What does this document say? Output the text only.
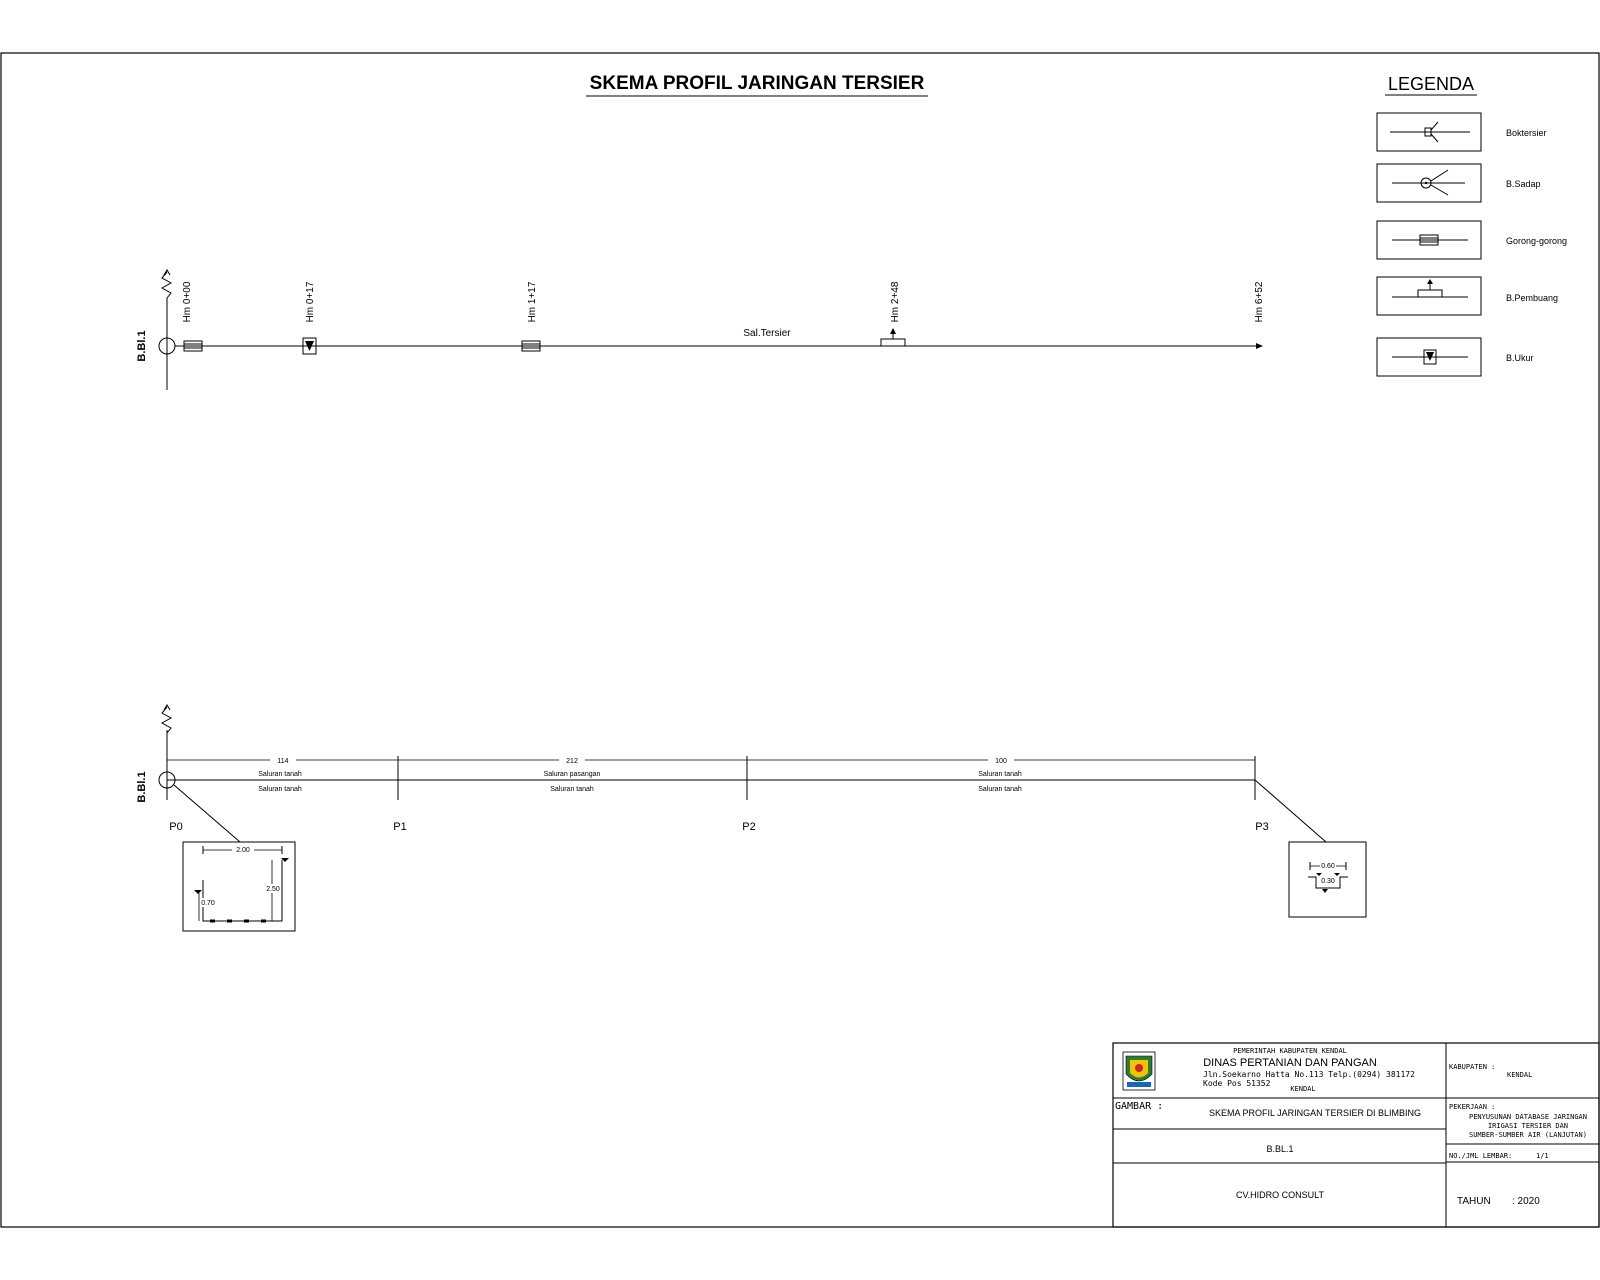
SKEMA PROFIL JARINGAN TERSIER	LEGENDA
Boktersier
B.Sadap
Gorong-gorong
B.Pembuang
B.Ukur
B.Bl.1	Sal.Tersier
Hm 0+00	Hm 0+17	Hm 1+17	Hm 2+48	Hm 6+52
B.Bl.1
114	212	100
Saluran tanah
Saluran tanah
Saluran pasangan
Saluran tanah
Saluran tanah
Saluran tanah
P0	P1	P2	P3
2.00
2.50
0.70
0.60
0.30
PEMERINTAH KABUPATEN KENDAL
DINAS PERTANIAN DAN PANGAN
Jln.Soekarno Hatta No.113 Telp.(0294) 381172
Kode Pos 51352
KENDAL
GAMBAR :
SKEMA PROFIL JARINGAN TERSIER DI BLIMBING
B.BL.1
CV.HIDRO CONSULT
KABUPATEN :
KENDAL
PEKERJAAN :
PENYUSUNAN DATABASE JARINGAN
IRIGASI TERSIER DAN
SUMBER-SUMBER AIR (LANJUTAN)
NO./JML LEMBAR:	1/1
TAHUN : 2020
